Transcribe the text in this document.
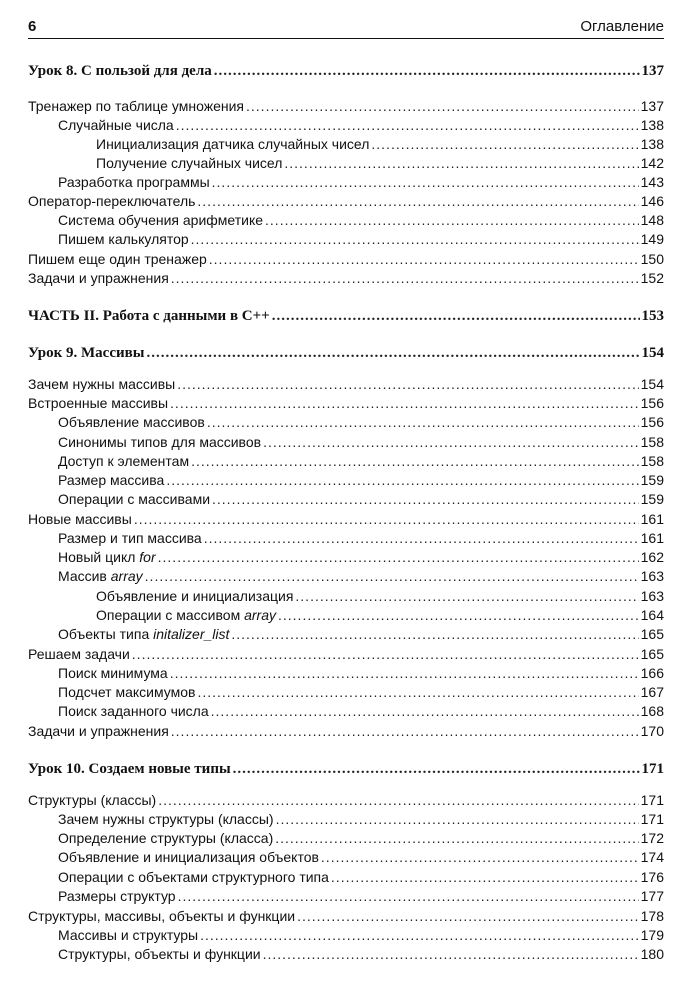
6	Оглавление
Урок 8. С пользой для дела .....	137
Тренажер по таблице умножения .....	137
Случайные числа .....	138
Инициализация датчика случайных чисел .....	138
Получение случайных чисел .....	142
Разработка программы .....	143
Оператор-переключатель .....	146
Система обучения арифметике .....	148
Пишем калькулятор .....	149
Пишем еще один тренажер .....	150
Задачи и упражнения .....	152
ЧАСТЬ II. Работа с данными в C++ .....	153
Урок 9. Массивы .....	154
Зачем нужны массивы .....	154
Встроенные массивы .....	156
Объявление массивов .....	156
Синонимы типов для массивов .....	158
Доступ к элементам .....	158
Размер массива .....	159
Операции с массивами .....	159
Новые массивы .....	161
Размер и тип массива .....	161
Новый цикл for .....	162
Массив array .....	163
Объявление и инициализация .....	163
Операции с массивом array .....	164
Объекты типа initalizer_list .....	165
Решаем задачи .....	165
Поиск минимума .....	166
Подсчет максимумов .....	167
Поиск заданного числа .....	168
Задачи и упражнения .....	170
Урок 10. Создаем новые типы .....	171
Структуры (классы) .....	171
Зачем нужны структуры (классы) .....	171
Определение структуры (класса) .....	172
Объявление и инициализация объектов .....	174
Операции с объектами структурного типа .....	176
Размеры структур .....	177
Структуры, массивы, объекты и функции .....	178
Массивы и структуры .....	179
Структуры, объекты и функции .....	180
